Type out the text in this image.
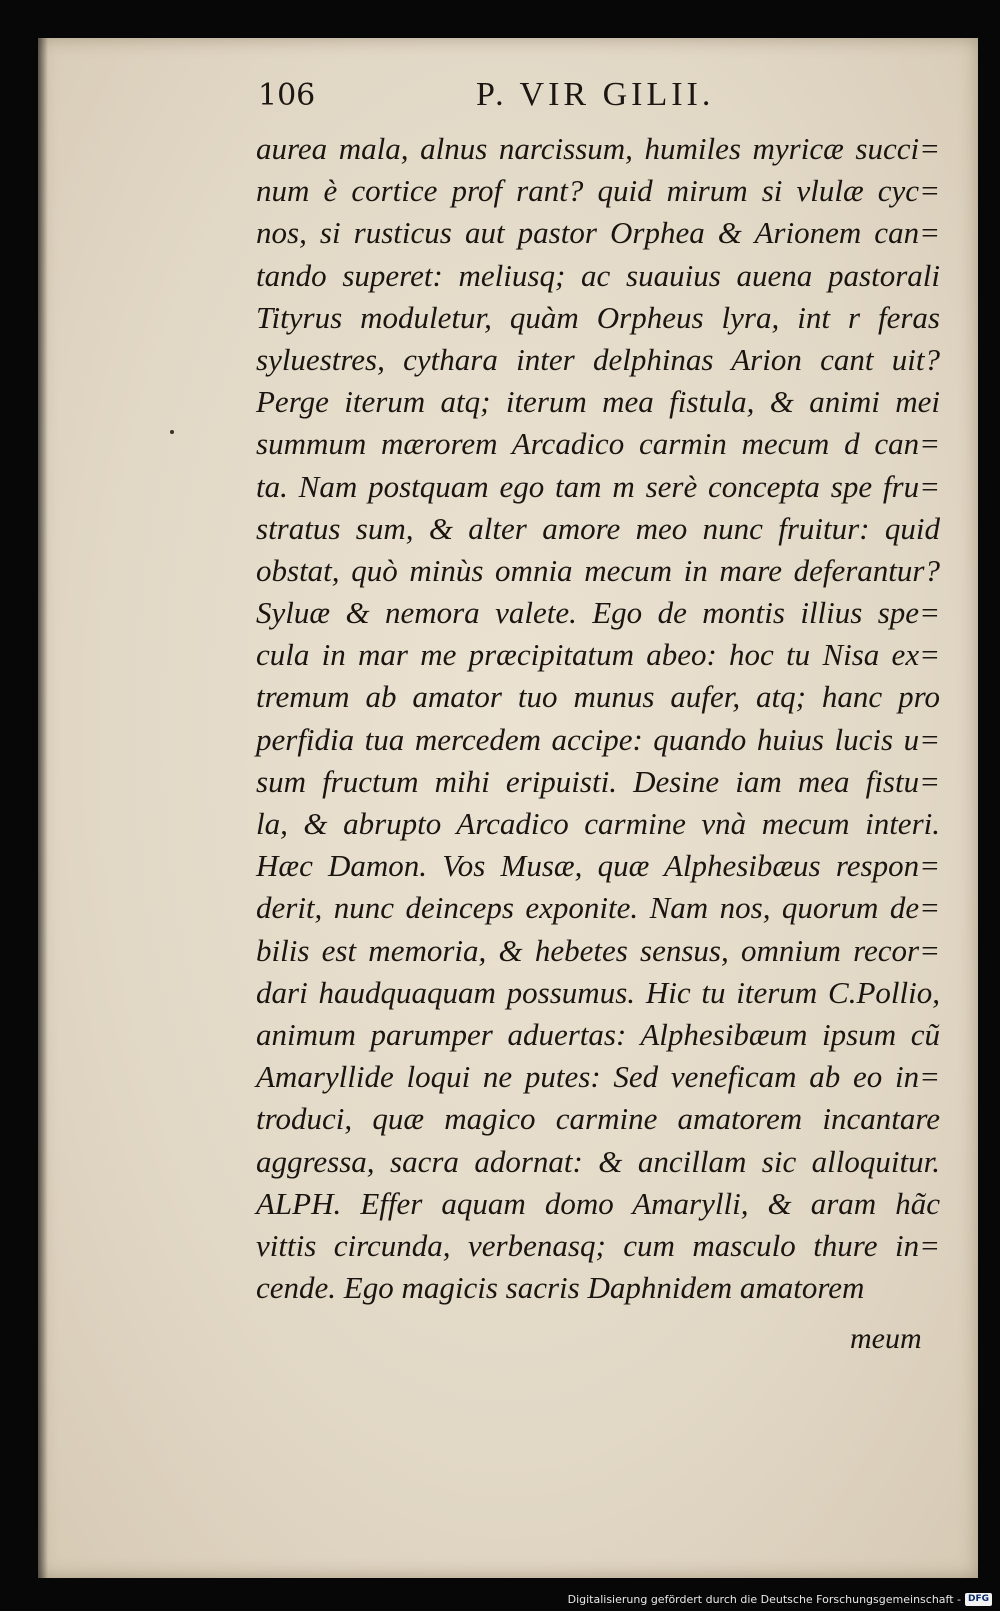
106	P. VIR GILII.
aurea mala, alnus narcissum, humiles myricæ succi=
num è cortice prof rant? quid mirum si vlulæ cyc=
nos, si rusticus aut pastor Orphea & Arionem can=
tando superet: meliusq; ac suauius auena pastorali
Tityrus moduletur, quàm Orpheus lyra, int r feras
syluestres, cythara inter delphinas Arion cant uit?
Perge iterum atq; iterum mea fistula, & animi mei
summum mærorem Arcadico carmin mecum d can=
ta. Nam postquam ego tam m serè concepta spe fru=
stratus sum, & alter amore meo nunc fruitur: quid
obstat, quò minùs omnia mecum in mare deferantur?
Syluæ & nemora valete. Ego de montis illius spe=
cula in mar me præcipitatum abeo: hoc tu Nisa ex=
tremum ab amator tuo munus aufer, atq; hanc pro
perfidia tua mercedem accipe: quando huius lucis u=
sum fructum mihi eripuisti. Desine iam mea fistu=
la, & abrupto Arcadico carmine vnà mecum interi.
Hæc Damon. Vos Musæ, quæ Alphesibæus respon=
derit, nunc deinceps exponite. Nam nos, quorum de=
bilis est memoria, & hebetes sensus, omnium recor=
dari haudquaquam possumus. Hic tu iterum C.Pollio,
animum parumper aduertas: Alphesibæum ipsum cũ
Amaryllide loqui ne putes: Sed veneficam ab eo in=
troduci, quæ magico carmine amatorem incantare
aggressa, sacra adornat: & ancillam sic alloquitur.
ALPH. Effer aquam domo Amarylli, & aram hãc
vittis circunda, verbenasq; cum masculo thure in=
cende. Ego magicis sacris Daphnidem amatorem
meum
Digitalisierung gefördert durch die Deutsche Forschungsgemeinschaft - DFG
